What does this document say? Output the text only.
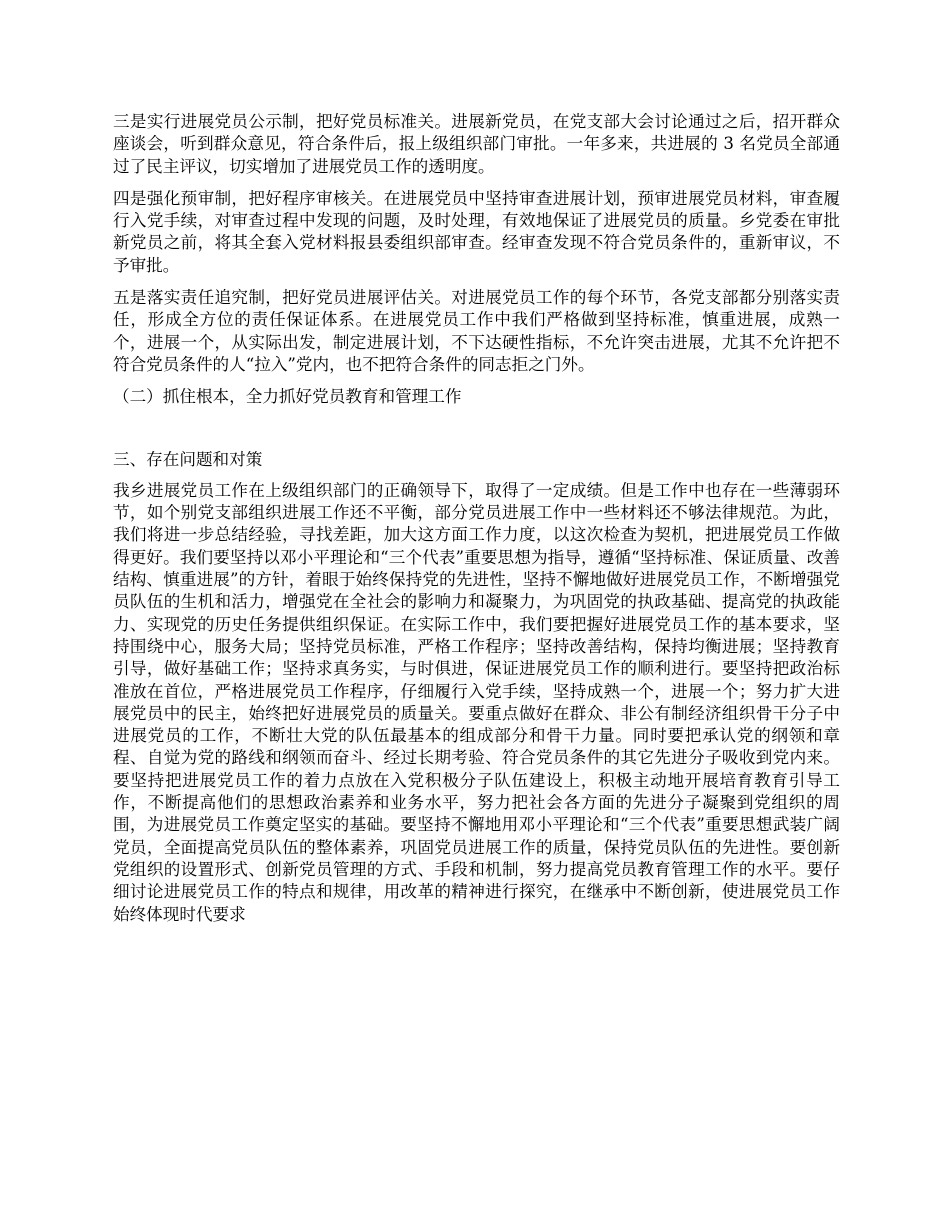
三是实行进展党员公示制，把好党员标准关。进展新党员，在党支部大会讨论通过之后，招开群众座谈会，听到群众意见，符合条件后，报上级组织部门审批。一年多来，共进展的 3 名党员全部通过了民主评议，切实增加了进展党员工作的透明度。

四是强化预审制，把好程序审核关。在进展党员中坚持审查进展计划，预审进展党员材料，审查履行入党手续，对审查过程中发现的问题，及时处理，有效地保证了进展党员的质量。乡党委在审批新党员之前，将其全套入党材料报县委组织部审查。经审查发现不符合党员条件的，重新审议，不予审批。

五是落实责任追究制，把好党员进展评估关。对进展党员工作的每个环节，各党支部都分别落实责任，形成全方位的责任保证体系。在进展党员工作中我们严格做到坚持标准，慎重进展，成熟一个，进展一个，从实际出发，制定进展计划，不下达硬性指标，不允许突击进展，尤其不允许把不符合党员条件的人“拉入”党内，也不把符合条件的同志拒之门外。

（二）抓住根本，全力抓好党员教育和管理工作

三、存在问题和对策

我乡进展党员工作在上级组织部门的正确领导下，取得了一定成绩。但是工作中也存在一些薄弱环节，如个别党支部组织进展工作还不平衡，部分党员进展工作中一些材料还不够法律规范。为此，我们将进一步总结经验，寻找差距，加大这方面工作力度，以这次检查为契机，把进展党员工作做得更好。我们要坚持以邓小平理论和“三个代表”重要思想为指导，遵循“坚持标准、保证质量、改善结构、慎重进展”的方针，着眼于始终保持党的先进性，坚持不懈地做好进展党员工作，不断增强党员队伍的生机和活力，增强党在全社会的影响力和凝聚力，为巩固党的执政基础、提高党的执政能力、实现党的历史任务提供组织保证。在实际工作中，我们要把握好进展党员工作的基本要求，坚持围绕中心，服务大局；坚持党员标准，严格工作程序；坚持改善结构，保持均衡进展；坚持教育引导，做好基础工作；坚持求真务实，与时俱进，保证进展党员工作的顺利进行。要坚持把政治标准放在首位，严格进展党员工作程序，仔细履行入党手续，坚持成熟一个，进展一个；努力扩大进展党员中的民主，始终把好进展党员的质量关。要重点做好在群众、非公有制经济组织骨干分子中进展党员的工作，不断壮大党的队伍最基本的组成部分和骨干力量。同时要把承认党的纲领和章程、自觉为党的路线和纲领而奋斗、经过长期考验、符合党员条件的其它先进分子吸收到党内来。要坚持把进展党员工作的着力点放在入党积极分子队伍建设上，积极主动地开展培育教育引导工作，不断提高他们的思想政治素养和业务水平，努力把社会各方面的先进分子凝聚到党组织的周围，为进展党员工作奠定坚实的基础。要坚持不懈地用邓小平理论和“三个代表”重要思想武装广阔党员，全面提高党员队伍的整体素养，巩固党员进展工作的质量，保持党员队伍的先进性。要创新党组织的设置形式、创新党员管理的方式、手段和机制，努力提高党员教育管理工作的水平。要仔细讨论进展党员工作的特点和规律，用改革的精神进行探究，在继承中不断创新，使进展党员工作始终体现时代要求
